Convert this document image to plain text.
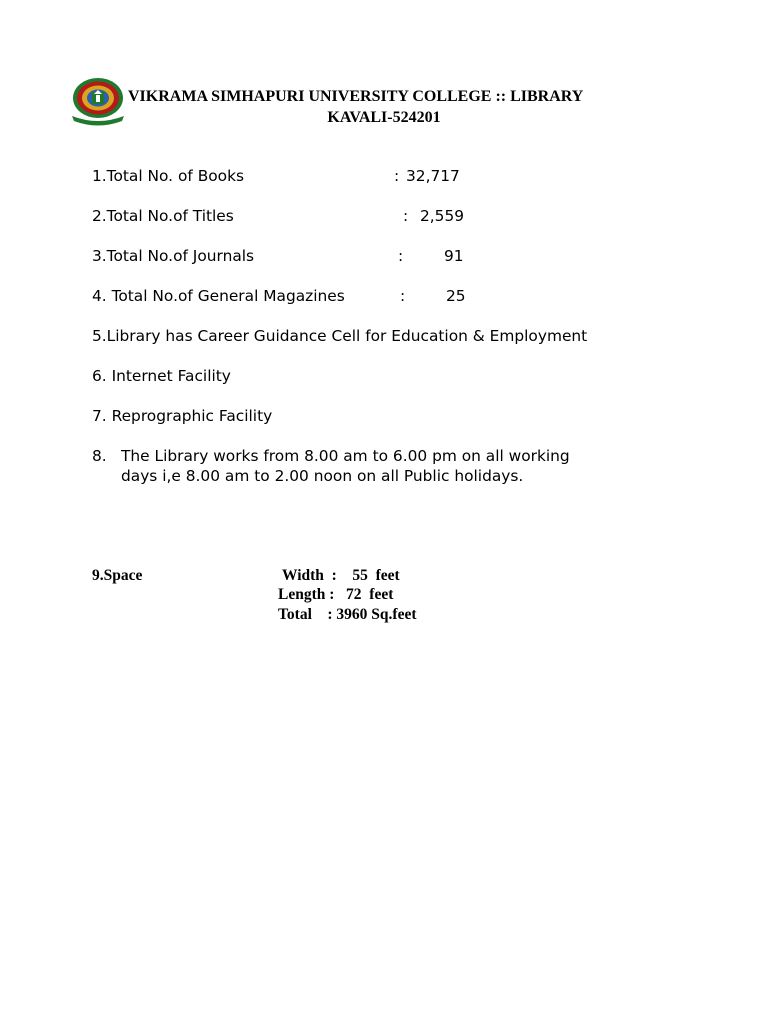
VIKRAMA SIMHAPURI UNIVERSITY COLLEGE :: LIBRARY
KAVALI-524201
1.Total No. of Books	: 32,717
2.Total No.of Titles	: 2,559
3.Total No.of Journals	:	91
4. Total No.of General Magazines	:	25
5.Library has Career Guidance Cell for Education & Employment
6. Internet Facility
7. Reprographic Facility
8. The Library works from 8.00 am to 6.00 pm on all working
days i,e 8.00 am to 2.00 noon on all Public holidays.
9.Space	Width  :    55  feet
Length :   72  feet
Total    : 3960 Sq.feet
